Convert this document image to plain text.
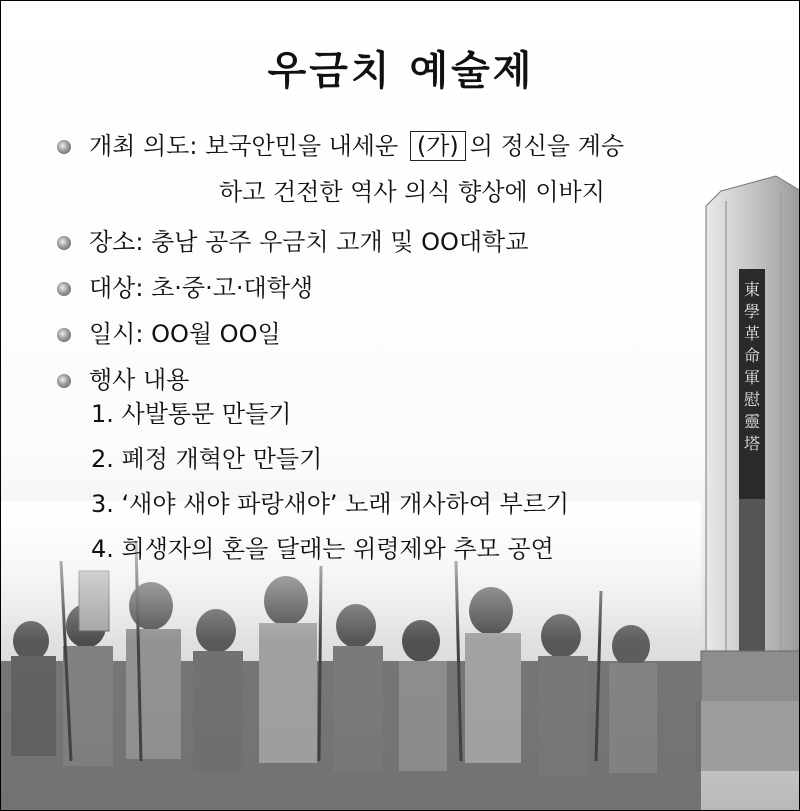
우금치 예술제
개최 의도: 보국안민을 내세운 (가) 의 정신을 계승
하고 건전한 역사 의식 향상에 이바지
장소: 충남 공주 우금치 고개 및 OO대학교
대상: 초·중·고·대학생
일시: OO월 OO일
행사 내용
1. 사발통문 만들기
2. 폐정 개혁안 만들기
3. ‘새야 새야 파랑새야’ 노래 개사하여 부르기
4. 희생자의 혼을 달래는 위령제와 추모 공연
東學革命軍慰靈塔
